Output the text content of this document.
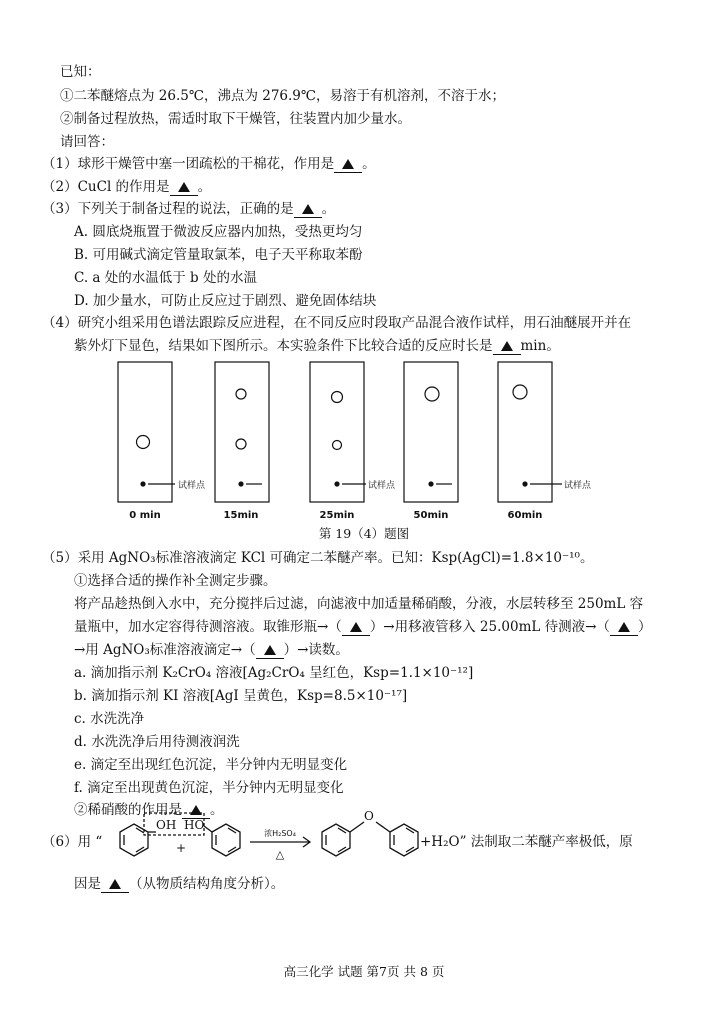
已知：
①二苯醚熔点为 26.5℃，沸点为 276.9℃，易溶于有机溶剂，不溶于水；
②制备过程放热，需适时取下干燥管，往装置内加少量水。
请回答：
（1）球形干燥管中塞一团疏松的干棉花，作用是 。
（2）CuCl 的作用是 。
（3）下列关于制备过程的说法，正确的是 。
A. 圆底烧瓶置于微波反应器内加热，受热更均匀
B. 可用碱式滴定管量取氯苯，电子天平称取苯酚
C. a 处的水温低于 b 处的水温
D. 加少量水，可防止反应过于剧烈、避免固体结块
（4）研究小组采用色谱法跟踪反应进程，在不同反应时段取产品混合液作试样，用石油醚展开并在
紫外灯下显色，结果如下图所示。本实验条件下比较合适的反应时长是 min。
试样点	试样点	试样点
0 min	15min	25min	50min	60min
第 19（4）题图
（5）采用 AgNO₃标准溶液滴定 KCl 可确定二苯醚产率。已知：Ksp(AgCl)=1.8×10⁻¹⁰。
①选择合适的操作补全测定步骤。
将产品趁热倒入水中，充分搅拌后过滤，向滤液中加适量稀硝酸，分液，水层转移至 250mL 容
量瓶中，加水定容得待测溶液。取锥形瓶→（ ）→用移液管移入 25.00mL 待测液→（ ）
→用 AgNO₃标准溶液滴定→（ ）→读数。
a. 滴加指示剂 K₂CrO₄ 溶液[Ag₂CrO₄ 呈红色，Ksp=1.1×10⁻¹²]
b. 滴加指示剂 KI 溶液[AgI 呈黄色，Ksp=8.5×10⁻¹⁷]
c. 水洗洗净
d. 水洗洗净后用待测液润洗
e. 滴定至出现红色沉淀，半分钟内无明显变化
f. 滴定至出现黄色沉淀，半分钟内无明显变化
②稀硝酸的作用是 。
（6）用 “
OH HO
+
O
浓H₂SO₄
△
+H₂O” 法制取二苯醚产率极低，原
因是 （从物质结构角度分析）。
高三化学 试题 第7页 共 8 页
